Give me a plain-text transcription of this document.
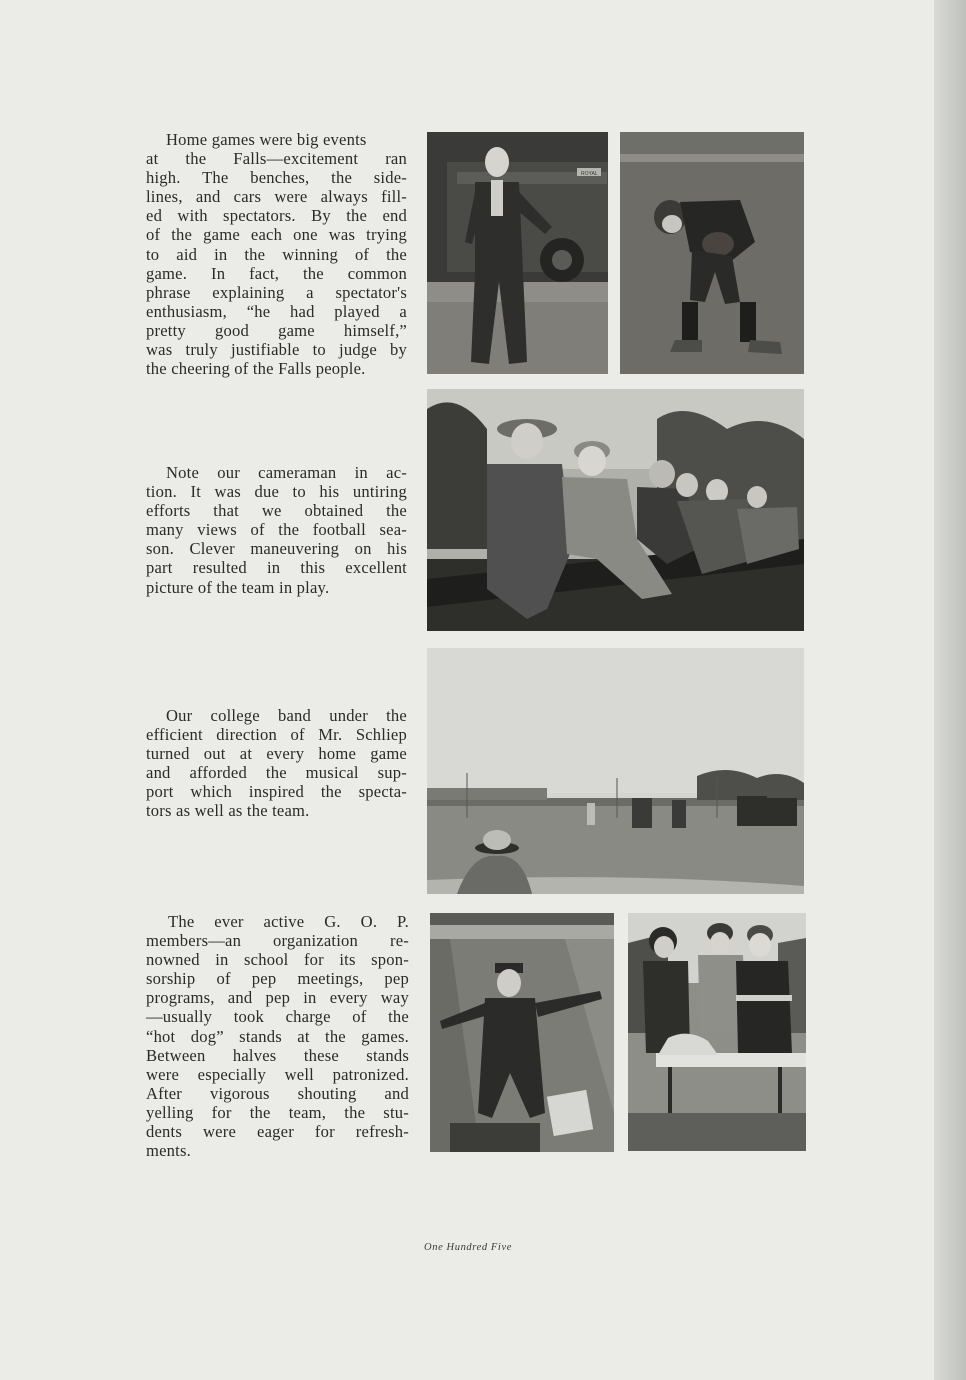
Home games were big events
at the Falls—excitement ran
high. The benches, the side-
lines, and cars were always fill-
ed with spectators. By the end
of the game each one was trying
to aid in the winning of the
game. In fact, the common
phrase explaining a spectator's
enthusiasm, “he had played a
pretty good game himself,”
was truly justifiable to judge by
the cheering of the Falls people.
Note our cameraman in ac-
tion. It was due to his untiring
efforts that we obtained the
many views of the football sea-
son. Clever maneuvering on his
part resulted in this excellent
picture of the team in play.
Our college band under the
efficient direction of Mr. Schliep
turned out at every home game
and afforded the musical sup-
port which inspired the specta-
tors as well as the team.
The ever active G. O. P.
members—an organization re-
nowned in school for its spon-
sorship of pep meetings, pep
programs, and pep in every way
—usually took charge of the
“hot dog” stands at the games.
Between halves these stands
were especially well patronized.
After vigorous shouting and
yelling for the team, the stu-
dents were eager for refresh-
ments.
ROYAL
One Hundred Five
